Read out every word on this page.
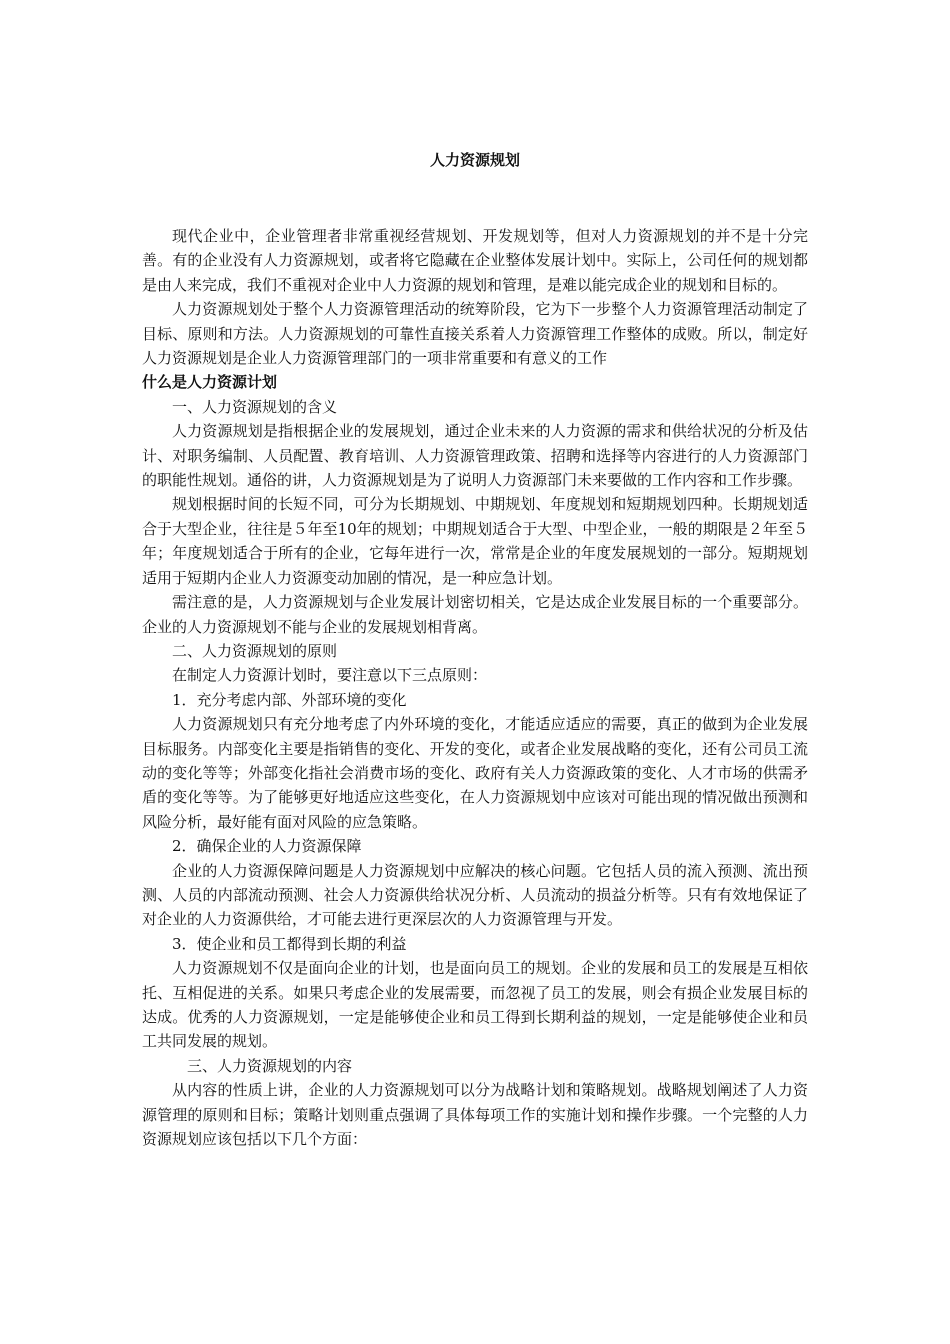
人力资源规划

现代企业中，企业管理者非常重视经营规划、开发规划等，但对人力资源规划的并不是十分完善。有的企业没有人力资源规划，或者将它隐藏在企业整体发展计划中。实际上，公司任何的规划都是由人来完成，我们不重视对企业中人力资源的规划和管理，是难以能完成企业的规划和目标的。

人力资源规划处于整个人力资源管理活动的统筹阶段，它为下一步整个人力资源管理活动制定了目标、原则和方法。人力资源规划的可靠性直接关系着人力资源管理工作整体的成败。所以，制定好人力资源规划是企业人力资源管理部门的一项非常重要和有意义的工作

什么是人力资源计划

一、人力资源规划的含义

人力资源规划是指根据企业的发展规划，通过企业未来的人力资源的需求和供给状况的分析及估计、对职务编制、人员配置、教育培训、人力资源管理政策、招聘和选择等内容进行的人力资源部门的职能性规划。通俗的讲，人力资源规划是为了说明人力资源部门未来要做的工作内容和工作步骤。

规划根据时间的长短不同，可分为长期规划、中期规划、年度规划和短期规划四种。长期规划适合于大型企业，往往是５年至10年的规划；中期规划适合于大型、中型企业，一般的期限是２年至５年；年度规划适合于所有的企业，它每年进行一次，常常是企业的年度发展规划的一部分。短期规划适用于短期内企业人力资源变动加剧的情况，是一种应急计划。

需注意的是，人力资源规划与企业发展计划密切相关，它是达成企业发展目标的一个重要部分。企业的人力资源规划不能与企业的发展规划相背离。

二、人力资源规划的原则

在制定人力资源计划时，要注意以下三点原则：

1．充分考虑内部、外部环境的变化

人力资源规划只有充分地考虑了内外环境的变化，才能适应适应的需要，真正的做到为企业发展目标服务。内部变化主要是指销售的变化、开发的变化，或者企业发展战略的变化，还有公司员工流动的变化等等；外部变化指社会消费市场的变化、政府有关人力资源政策的变化、人才市场的供需矛盾的变化等等。为了能够更好地适应这些变化，在人力资源规划中应该对可能出现的情况做出预测和风险分析，最好能有面对风险的应急策略。

2．确保企业的人力资源保障

企业的人力资源保障问题是人力资源规划中应解决的核心问题。它包括人员的流入预测、流出预测、人员的内部流动预测、社会人力资源供给状况分析、人员流动的损益分析等。只有有效地保证了对企业的人力资源供给，才可能去进行更深层次的人力资源管理与开发。

3．使企业和员工都得到长期的利益

人力资源规划不仅是面向企业的计划，也是面向员工的规划。企业的发展和员工的发展是互相依托、互相促进的关系。如果只考虑企业的发展需要，而忽视了员工的发展，则会有损企业发展目标的达成。优秀的人力资源规划，一定是能够使企业和员工得到长期利益的规划，一定是能够使企业和员工共同发展的规划。

三、人力资源规划的内容

从内容的性质上讲，企业的人力资源规划可以分为战略计划和策略规划。战略规划阐述了人力资源管理的原则和目标；策略计划则重点强调了具体每项工作的实施计划和操作步骤。一个完整的人力资源规划应该包括以下几个方面：
